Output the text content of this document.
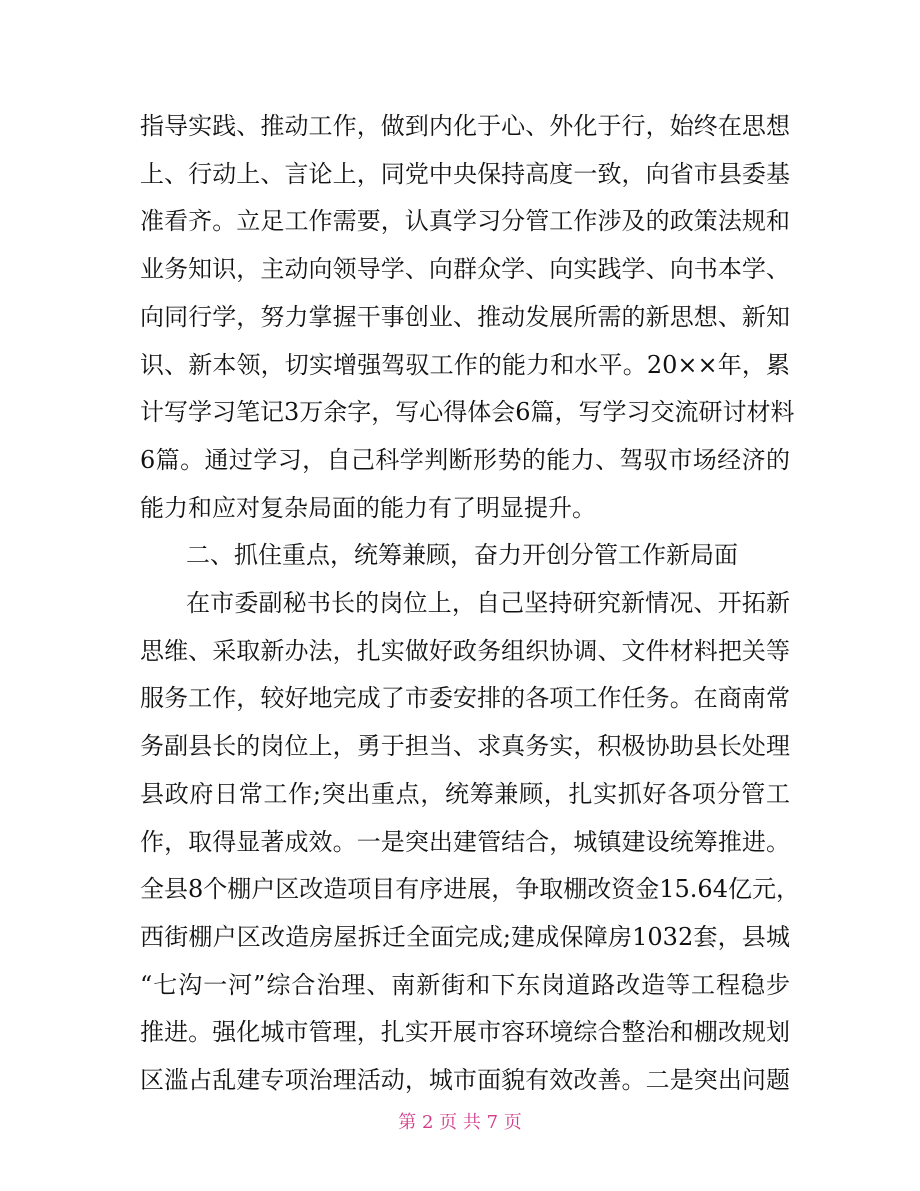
指导实践、推动工作，做到内化于心、外化于行，始终在思想
上、行动上、言论上，同党中央保持高度一致，向省市县委基
准看齐。立足工作需要，认真学习分管工作涉及的政策法规和
业务知识，主动向领导学、向群众学、向实践学、向书本学、
向同行学，努力掌握干事创业、推动发展所需的新思想、新知
识、新本领，切实增强驾驭工作的能力和水平。20××年，累
计写学习笔记3万余字，写心得体会6篇，写学习交流研讨材料
6篇。通过学习，自己科学判断形势的能力、驾驭市场经济的
能力和应对复杂局面的能力有了明显提升。
二、抓住重点，统筹兼顾，奋力开创分管工作新局面
在市委副秘书长的岗位上，自己坚持研究新情况、开拓新
思维、采取新办法，扎实做好政务组织协调、文件材料把关等
服务工作，较好地完成了市委安排的各项工作任务。在商南常
务副县长的岗位上，勇于担当、求真务实，积极协助县长处理
县政府日常工作;突出重点，统筹兼顾，扎实抓好各项分管工
作，取得显著成效。一是突出建管结合，城镇建设统筹推进。
全县8个棚户区改造项目有序进展，争取棚改资金15.64亿元，
西街棚户区改造房屋拆迁全面完成;建成保障房1032套，县城
“七沟一河”综合治理、南新街和下东岗道路改造等工程稳步
推进。强化城市管理，扎实开展市容环境综合整治和棚改规划
区滥占乱建专项治理活动，城市面貌有效改善。二是突出问题
第 2 页 共 7 页
